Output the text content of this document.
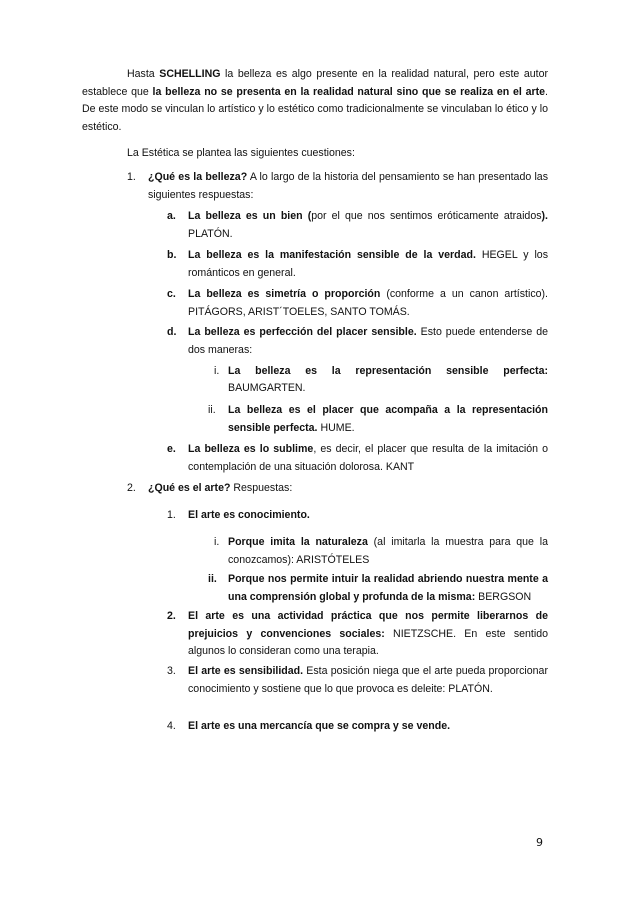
Hasta SCHELLING la belleza es algo presente en la realidad natural, pero este autor establece que la belleza no se presenta en la realidad natural sino que se realiza en el arte. De este modo se vinculan lo artístico y lo estético como tradicionalmente se vinculaban lo ético y lo estético.

La Estética se plantea las siguientes cuestiones:

1. ¿Qué es la belleza? A lo largo de la historia del pensamiento se han presentado las siguientes respuestas:

a. La belleza es un bien (por el que nos sentimos eróticamente atraidos). PLATÓN.

b. La belleza es la manifestación sensible de la verdad. HEGEL y los románticos en general.

c. La belleza es simetría o proporción (conforme a un canon artístico). PITÁGORS, ARIST´TOELES, SANTO TOMÁS.

d. La belleza es perfección del placer sensible. Esto puede entenderse de dos maneras:

i. La belleza es la representación sensible perfecta:

BAUMGARTEN.

ii. La belleza es el placer que acompaña a la representación sensible perfecta. HUME.

e. La belleza es lo sublime, es decir, el placer que resulta de la imitación o contemplación de una situación dolorosa. KANT

2. ¿Qué es el arte? Respuestas:

1. El arte es conocimiento.

i. Porque imita la naturaleza (al imitarla la muestra para que la conozcamos): ARISTÓTELES

ii. Porque nos permite intuir la realidad abriendo nuestra mente a una comprensión global y profunda de la misma: BERGSON

2. El arte es una actividad práctica que nos permite liberarnos de prejuicios y convenciones sociales: NIETZSCHE. En este sentido algunos lo consideran como una terapia.

3. El arte es sensibilidad. Esta posición niega que el arte pueda proporcionar conocimiento y sostiene que lo que provoca es deleite: PLATÓN.

4. El arte es una mercancía que se compra y se vende.

9
